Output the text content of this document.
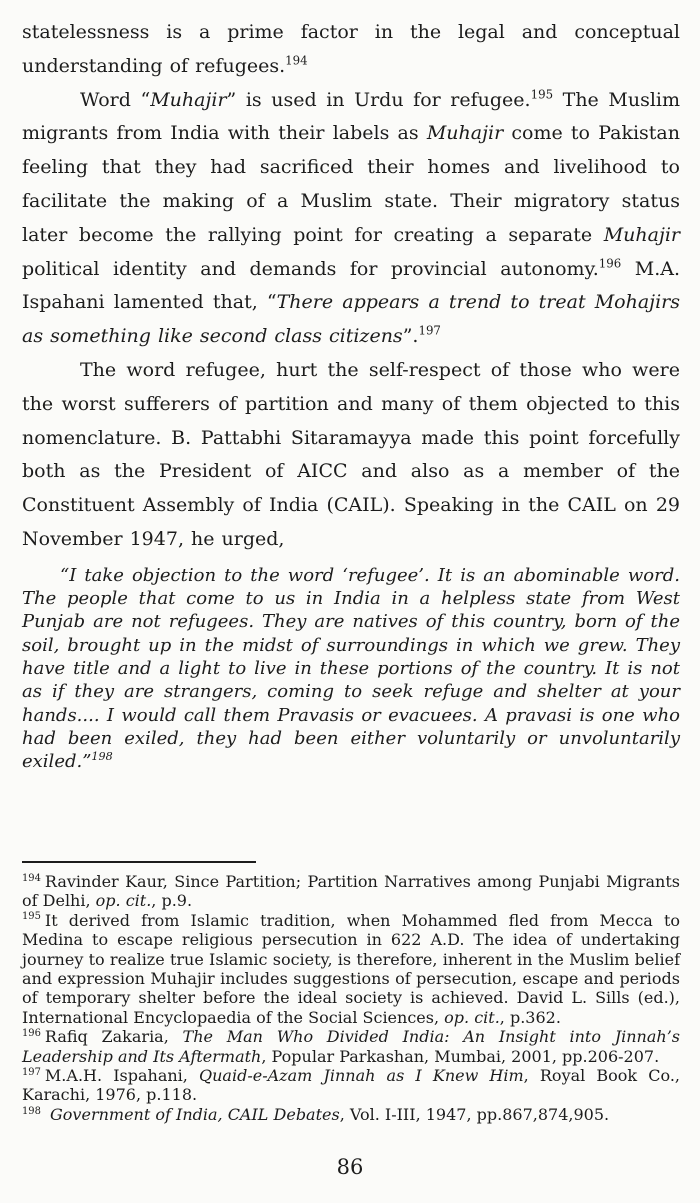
statelessness is a prime factor in the legal and conceptual understanding of refugees.$^{194}$

Word “Muhajir” is used in Urdu for refugee.$^{195}$ The Muslim migrants from India with their labels as Muhajir come to Pakistan feeling that they had sacrificed their homes and livelihood to facilitate the making of a Muslim state. Their migratory status later become the rallying point for creating a separate Muhajir political identity and demands for provincial autonomy.$^{196}$ M.A. Ispahani lamented that, “There appears a trend to treat Mohajirs as something like second class citizens”.$^{197}$

The word refugee, hurt the self-respect of those who were the worst sufferers of partition and many of them objected to this nomenclature. B. Pattabhi Sitaramayya made this point forcefully both as the President of AICC and also as a member of the Constituent Assembly of India (CAIL). Speaking in the CAIL on 29 November 1947, he urged,

“I take objection to the word ‘refugee’. It is an abominable word. The people that come to us in India in a helpless state from West Punjab are not refugees. They are natives of this country, born of the soil, brought up in the midst of surroundings in which we grew. They have title and a light to live in these portions of the country. It is not as if they are strangers, coming to seek refuge and shelter at your hands.... I would call them Pravasis or evacuees. A pravasi is one who had been exiled, they had been either voluntarily or unvoluntarily exiled.”$^{198}$

$^{194}$ Ravinder Kaur, Since Partition; Partition Narratives among Punjabi Migrants of Delhi, op. cit., p.9.

$^{195}$ It derived from Islamic tradition, when Mohammed fled from Mecca to Medina to escape religious persecution in 622 A.D. The idea of undertaking journey to realize true Islamic society, is therefore, inherent in the Muslim belief and expression Muhajir includes suggestions of persecution, escape and periods of temporary shelter before the ideal society is achieved. David L. Sills (ed.), International Encyclopaedia of the Social Sciences, op. cit., p.362.

$^{196}$ Rafiq Zakaria, The Man Who Divided India: An Insight into Jinnah’s Leadership and Its Aftermath, Popular Parkashan, Mumbai, 2001, pp.206-207.

$^{197}$ M.A.H. Ispahani, Quaid-e-Azam Jinnah as I Knew Him, Royal Book Co., Karachi, 1976, p.118.

$^{198}$ Government of India, CAIL Debates, Vol. I-III, 1947, pp.867,874,905.

86
